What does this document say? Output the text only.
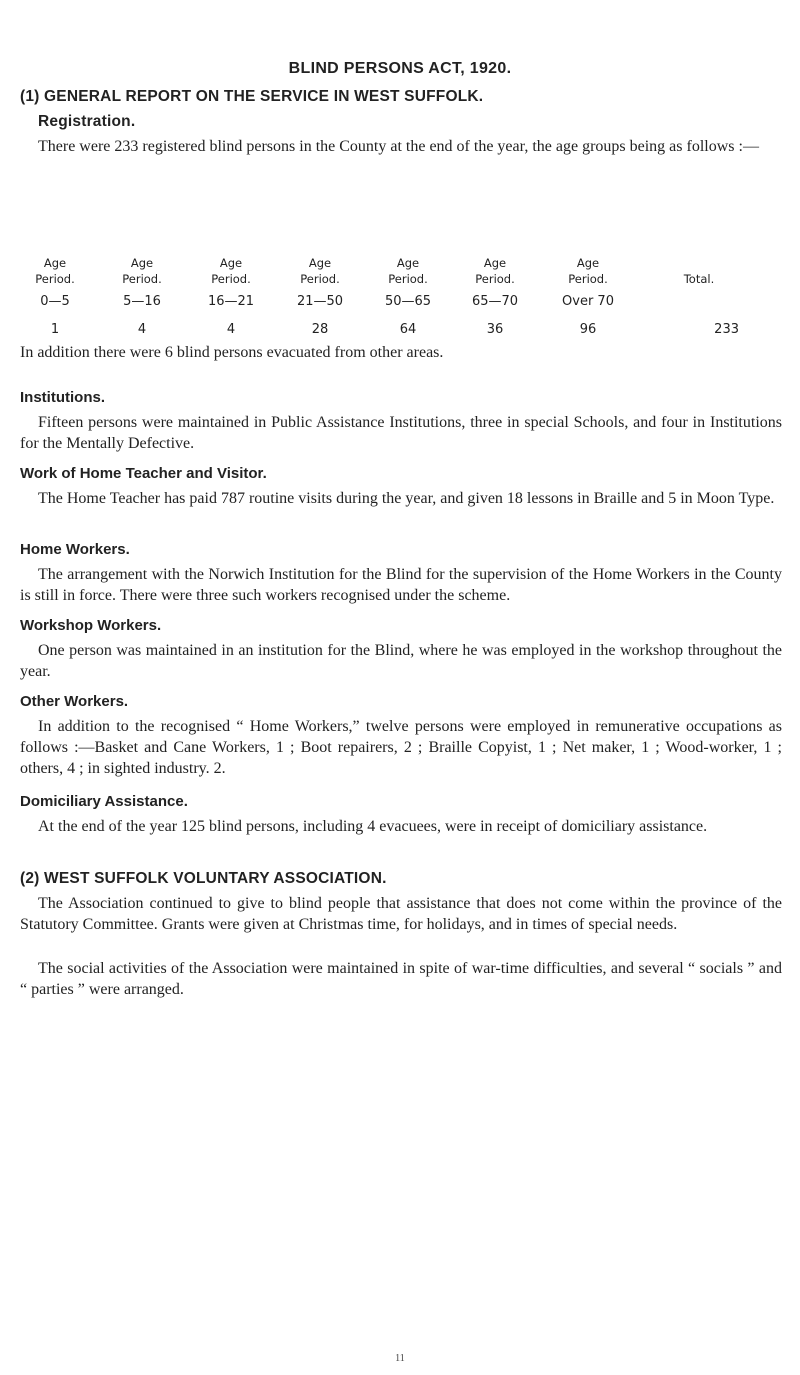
BLIND PERSONS ACT, 1920.
(1) GENERAL REPORT ON THE SERVICE IN WEST SUFFOLK.
Registration.

There were 233 registered blind persons in the County at the end of the year, the age groups being as follows :—

Age
Period.
0—5
1
Age
Period.
5—16
4
Age
Period.
16—21
4
Age
Period.
21—50
28
Age
Period.
50—65
64
Age
Period.
65—70
36
Age
Period.
Over 70
96
Total.
233

In addition there were 6 blind persons evacuated from other areas.

Institutions.

Fifteen persons were maintained in Public Assistance Institutions, three in special Schools, and four in Institutions for the Mentally Defective.

Work of Home Teacher and Visitor.

The Home Teacher has paid 787 routine visits during the year, and given 18 lessons in Braille and 5 in Moon Type.

Home Workers.

The arrangement with the Norwich Institution for the Blind for the supervision of the Home Workers in the County is still in force. There were three such workers recognised under the scheme.

Workshop Workers.

One person was maintained in an institution for the Blind, where he was employed in the workshop throughout the year.

Other Workers.

In addition to the recognised “ Home Workers,” twelve persons were employed in remunerative occupations as follows :—Basket and Cane Workers, 1 ; Boot repairers, 2 ; Braille Copyist, 1 ; Net maker, 1 ; Wood-worker, 1 ; others, 4 ; in sighted industry. 2.

Domiciliary Assistance.

At the end of the year 125 blind persons, including 4 evacuees, were in receipt of domiciliary assistance.

(2) WEST SUFFOLK VOLUNTARY ASSOCIATION.

The Association continued to give to blind people that assistance that does not come within the province of the Statutory Committee. Grants were given at Christmas time, for holidays, and in times of special needs.

The social activities of the Association were maintained in spite of war-time difficulties, and several “ socials ” and “ parties ” were arranged.

11
